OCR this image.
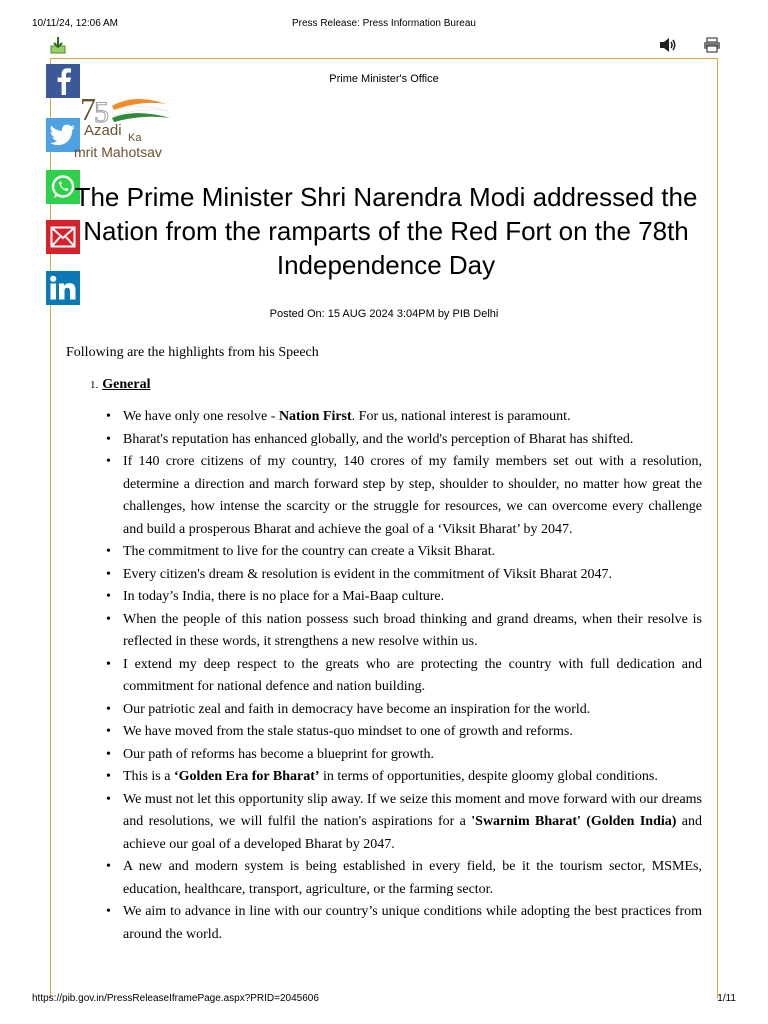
10/11/24, 12:06 AM	Press Release: Press Information Bureau
Prime Minister's Office
7
5
Azadi Ka
mrit Mahotsav
The Prime Minister Shri Narendra Modi addressed the Nation from the ramparts of the Red Fort on the 78th Independence Day
Posted On: 15 AUG 2024 3:04PM by PIB Delhi
Following are the highlights from his Speech
1. General
• We have only one resolve - Nation First. For us, national interest is paramount.
• Bharat's reputation has enhanced globally, and the world's perception of Bharat has shifted.
• If 140 crore citizens of my country, 140 crores of my family members set out with a resolution, determine a direction and march forward step by step, shoulder to shoulder, no matter how great the challenges, how intense the scarcity or the struggle for resources, we can overcome every challenge and build a prosperous Bharat and achieve the goal of a ‘Viksit Bharat’ by 2047.
• The commitment to live for the country can create a Viksit Bharat.
• Every citizen's dream & resolution is evident in the commitment of Viksit Bharat 2047.
• In today’s India, there is no place for a Mai-Baap culture.
• When the people of this nation possess such broad thinking and grand dreams, when their resolve is reflected in these words, it strengthens a new resolve within us.
• I extend my deep respect to the greats who are protecting the country with full dedication and commitment for national defence and nation building.
• Our patriotic zeal and faith in democracy have become an inspiration for the world.
• We have moved from the stale status-quo mindset to one of growth and reforms.
• Our path of reforms has become a blueprint for growth.
• This is a ‘Golden Era for Bharat’ in terms of opportunities, despite gloomy global conditions.
• We must not let this opportunity slip away. If we seize this moment and move forward with our dreams and resolutions, we will fulfil the nation's aspirations for a 'Swarnim Bharat' (Golden India) and achieve our goal of a developed Bharat by 2047.
• A new and modern system is being established in every field, be it the tourism sector, MSMEs, education, healthcare, transport, agriculture, or the farming sector.
• We aim to advance in line with our country’s unique conditions while adopting the best practices from around the world.
https://pib.gov.in/PressReleaseIframePage.aspx?PRID=2045606	1/11
